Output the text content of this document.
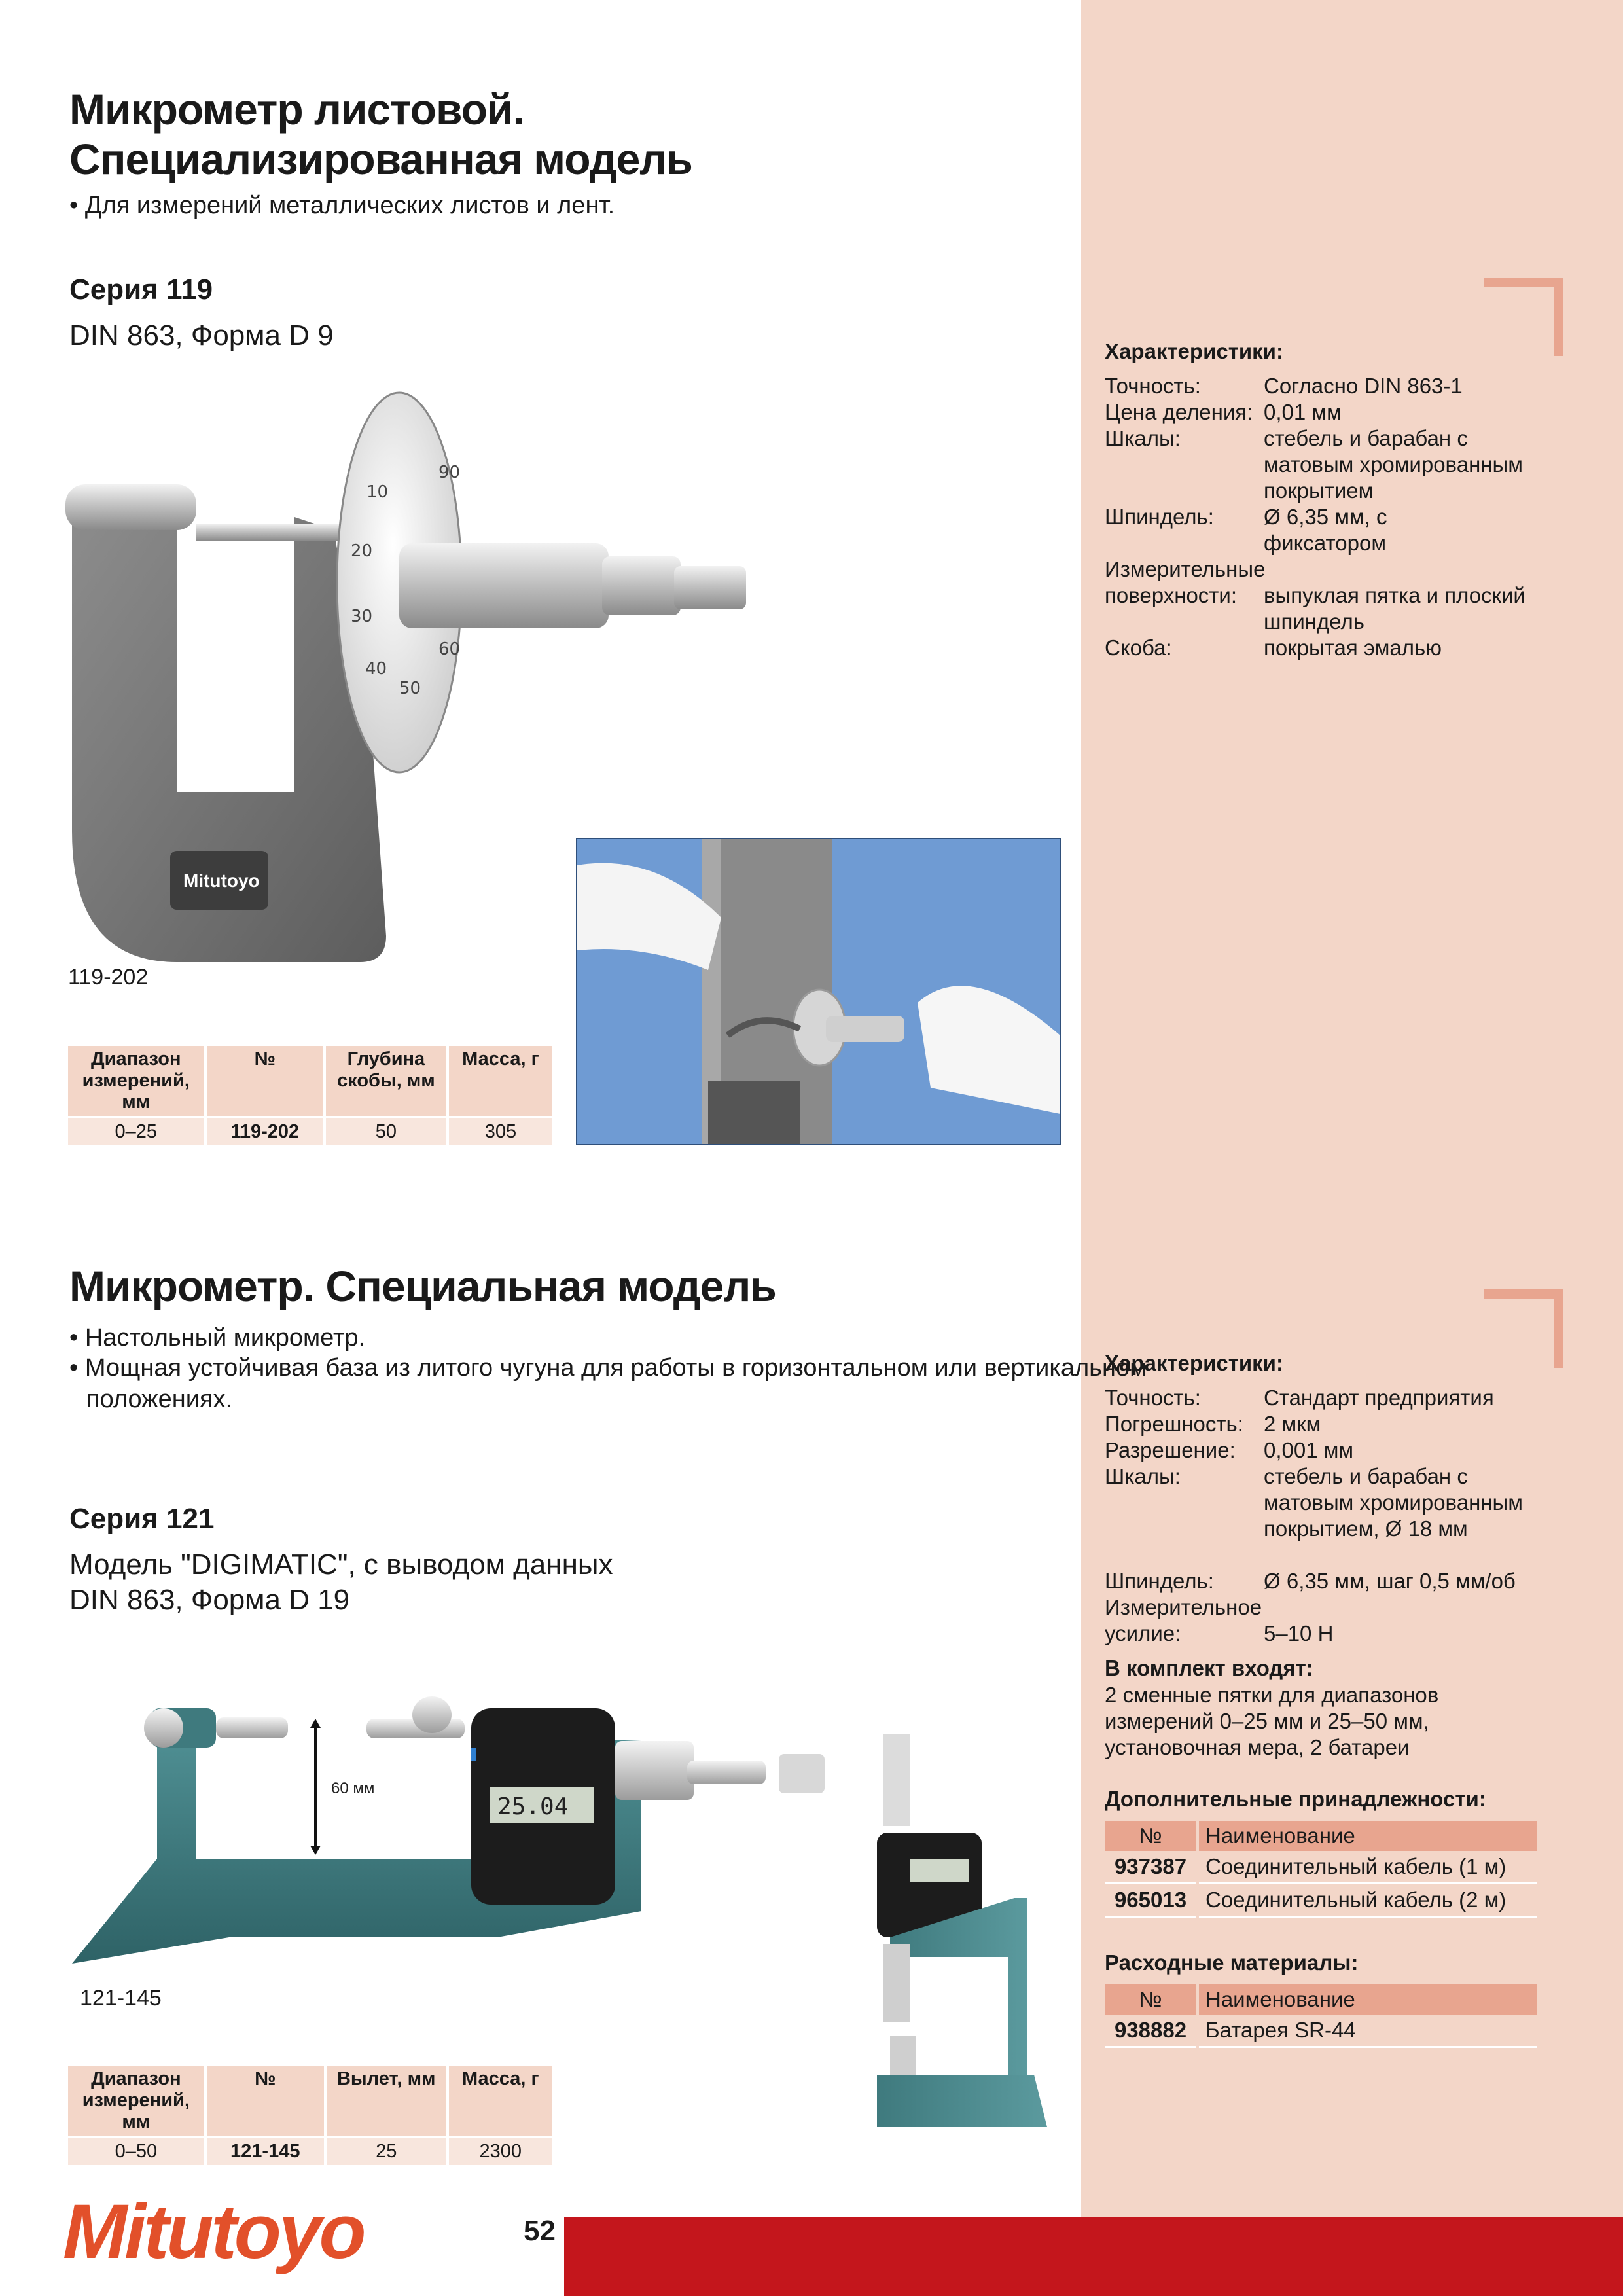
Микрометр листовой.
Специализированная модель
• Для измерений металлических листов и лент.
Серия 119
DIN 863, Форма D 9
10
20
30
40
50
60
90
Mitutoyo
119-202
Характеристики:
Точность:	Согласно DIN 863-1
Цена деления: 0,01 мм
Шкалы:	стебель и барабан с матовым хромированным покрытием
Шпиндель:	Ø 6,35 мм, с фиксатором
Измерительные поверхности:	выпуклая пятка и плоский шпиндель
Скоба:	покрытая эмалью
Диапазон измерений, мм	№	Глубина скобы, мм	Масса, г
0–25	119-202	50	305
Микрометр. Специальная модель
• Настольный микрометр.
• Мощная устойчивая база из литого чугуна для работы в горизонтальном или вертикальном
положениях.
Серия 121
Модель "DIGIMATIC", с выводом данных
DIN 863, Форма D 19
60 мм
25.04
121-145
Диапазон измерений, мм	№	Вылет, мм	Масса, г
0–50	121-145	25	2300
Характеристики:
Точность:	Стандарт предприятия
Погрешность: 2 мкм
Разрешение:	0,001 мм
Шкалы:	стебель и барабан с матовым хромированным покрытием, Ø 18 мм
Шпиндель:	Ø 6,35 мм, шаг 0,5 мм/об
Измерительное усилие:	5–10 Н
В комплект входят:
2 сменные пятки для диапазонов измерений 0–25 мм и 25–50 мм, установочная мера, 2 батареи
Дополнительные принадлежности:
№	Наименование
937387	Соединительный кабель (1 м)
965013	Соединительный кабель (2 м)
Расходные материалы:
№	Наименование
938882	Батарея SR-44
Mitutoyo	52
